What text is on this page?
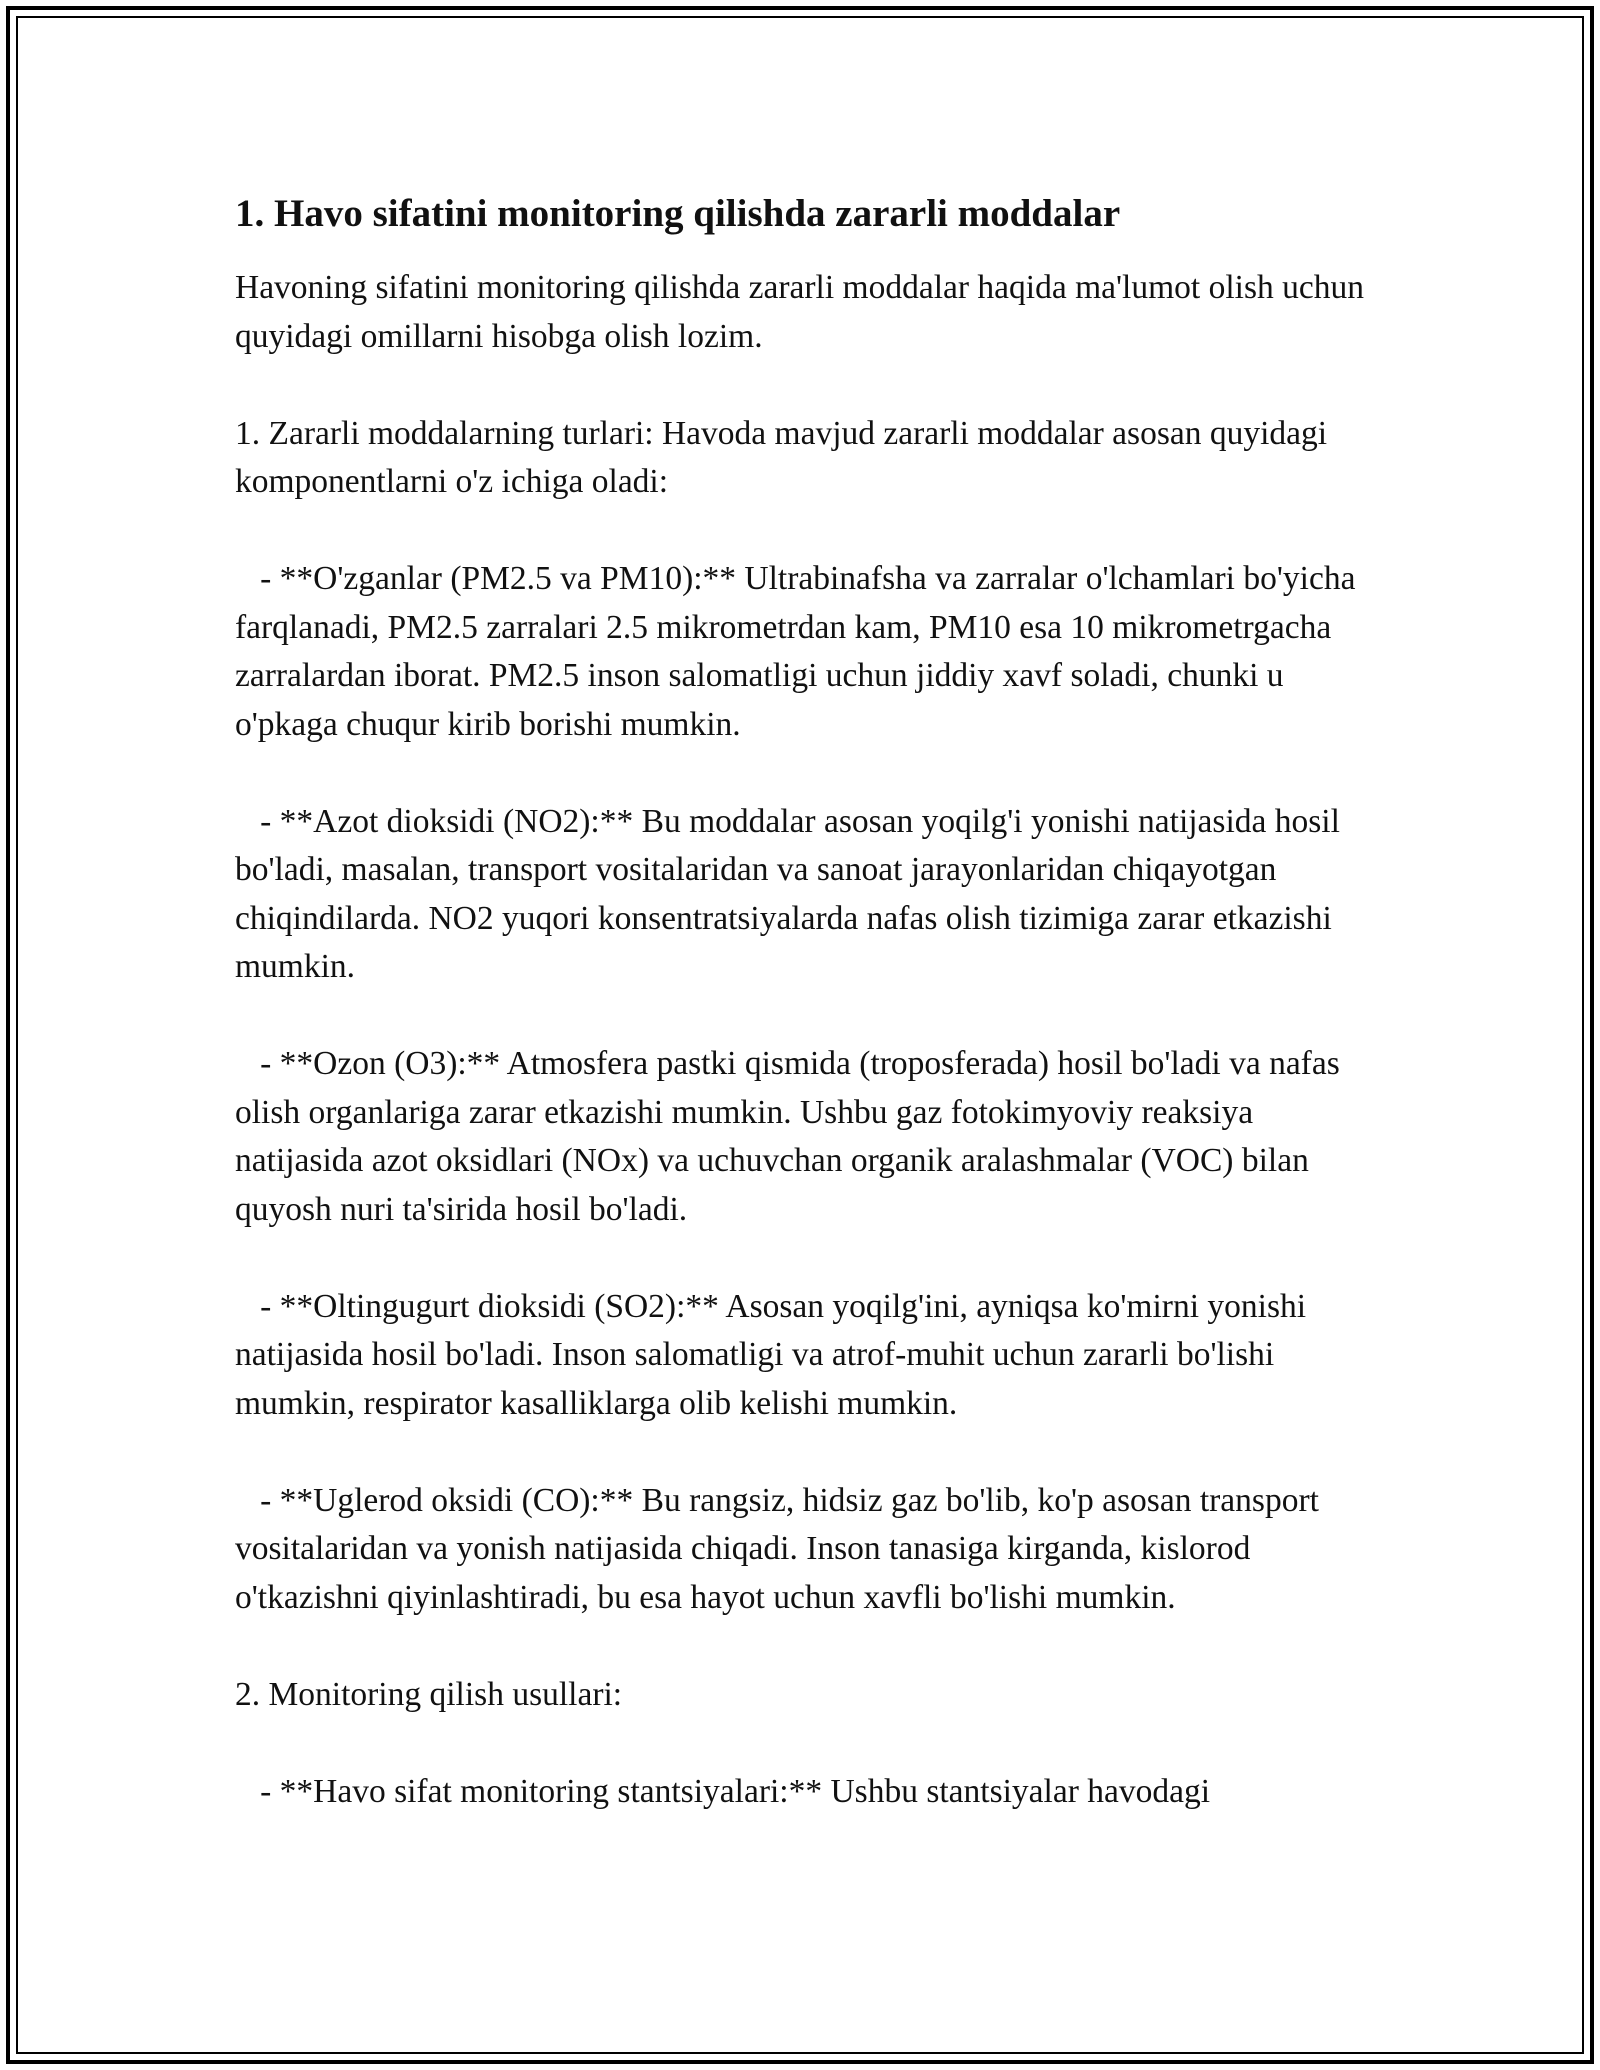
1. Havo sifatini monitoring qilishda zararli moddalar

Havoning sifatini monitoring qilishda zararli moddalar haqida ma'lumot olish uchun quyidagi omillarni hisobga olish lozim.

1. Zararli moddalarning turlari: Havoda mavjud zararli moddalar asosan quyidagi komponentlarni o'z ichiga oladi:

- **O'zganlar (PM2.5 va PM10):** Ultrabinafsha va zarralar o'lchamlari bo'yicha farqlanadi, PM2.5 zarralari 2.5 mikrometrdan kam, PM10 esa 10 mikrometrgacha zarralardan iborat. PM2.5 inson salomatligi uchun jiddiy xavf soladi, chunki u o'pkaga chuqur kirib borishi mumkin.

- **Azot dioksidi (NO2):** Bu moddalar asosan yoqilg'i yonishi natijasida hosil bo'ladi, masalan, transport vositalaridan va sanoat jarayonlaridan chiqayotgan chiqindilarda. NO2 yuqori konsentratsiyalarda nafas olish tizimiga zarar etkazishi mumkin.

- **Ozon (O3):** Atmosfera pastki qismida (troposferada) hosil bo'ladi va nafas olish organlariga zarar etkazishi mumkin. Ushbu gaz fotokimyoviy reaksiya natijasida azot oksidlari (NOx) va uchuvchan organik aralashmalar (VOC) bilan quyosh nuri ta'sirida hosil bo'ladi.

- **Oltingugurt dioksidi (SO2):** Asosan yoqilg'ini, ayniqsa ko'mirni yonishi natijasida hosil bo'ladi. Inson salomatligi va atrof-muhit uchun zararli bo'lishi mumkin, respirator kasalliklarga olib kelishi mumkin.

- **Uglerod oksidi (CO):** Bu rangsiz, hidsiz gaz bo'lib, ko'p asosan transport vositalaridan va yonish natijasida chiqadi. Inson tanasiga kirganda, kislorod o'tkazishni qiyinlashtiradi, bu esa hayot uchun xavfli bo'lishi mumkin.

2. Monitoring qilish usullari:

- **Havo sifat monitoring stantsiyalari:** Ushbu stantsiyalar havodagi
